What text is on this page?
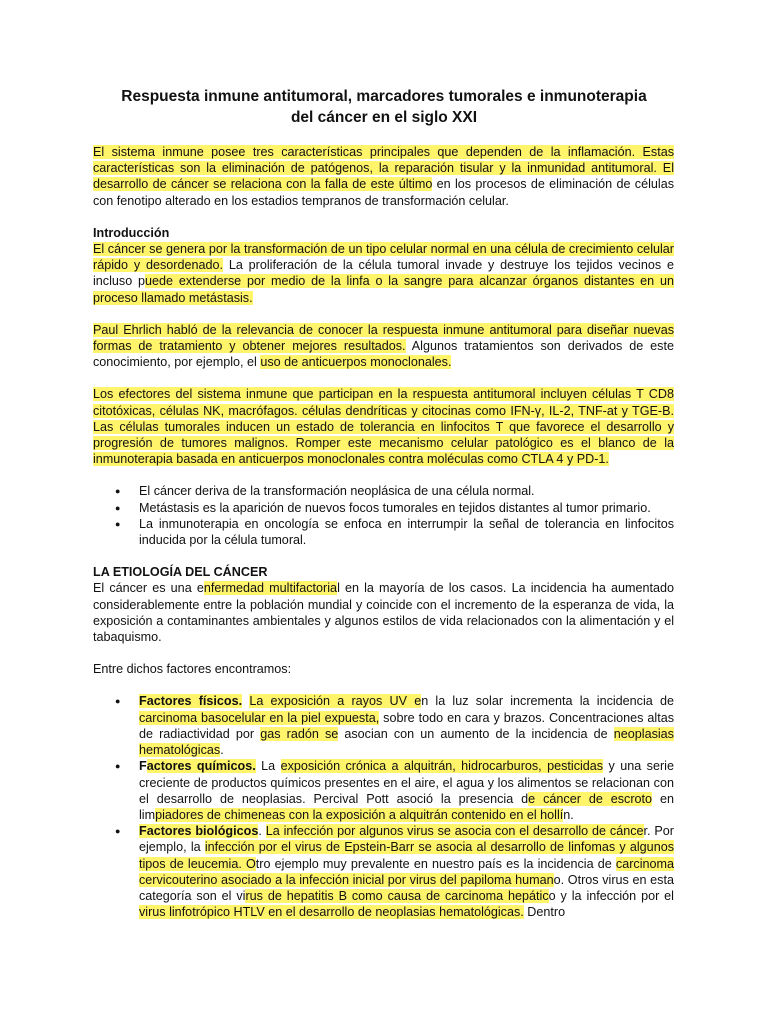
Respuesta inmune antitumoral, marcadores tumorales e inmunoterapia
del cáncer en el siglo XXI

El sistema inmune posee tres características principales que dependen de la inflamación. Estas características son la eliminación de patógenos, la reparación tisular y la inmunidad antitumoral. El desarrollo de cáncer se relaciona con la falla de este último en los procesos de eliminación de células con fenotipo alterado en los estadios tempranos de transformación celular.

Introducción

El cáncer se genera por la transformación de un tipo celular normal en una célula de crecimiento celular rápido y desordenado. La proliferación de la célula tumoral invade y destruye los tejidos vecinos e incluso puede extenderse por medio de la linfa o la sangre para alcanzar órganos distantes en un proceso llamado metástasis.

Paul Ehrlich habló de la relevancia de conocer la respuesta inmune antitumoral para diseñar nuevas formas de tratamiento y obtener mejores resultados. Algunos tratamientos son derivados de este conocimiento, por ejemplo, el uso de anticuerpos monoclonales.

Los efectores del sistema inmune que participan en la respuesta antitumoral incluyen células T CD8 citotóxicas, células NK, macrófagos. células dendríticas y citocinas como IFN-γ, IL-2, TNF-at y TGE-B. Las células tumorales inducen un estado de tolerancia en linfocitos T que favorece el desarrollo y progresión de tumores malignos. Romper este mecanismo celular patológico es el blanco de la inmunoterapia basada en anticuerpos monoclonales contra moléculas como CTLA 4 y PD-1.

● El cáncer deriva de la transformación neoplásica de una célula normal.
● Metástasis es la aparición de nuevos focos tumorales en tejidos distantes al tumor primario.
● La inmunoterapia en oncología se enfoca en interrumpir la señal de tolerancia en linfocitos inducida por la célula tumoral.
LA ETIOLOGÍA DEL CÁNCER

El cáncer es una enfermedad multifactorial en la mayoría de los casos. La incidencia ha aumentado considerablemente entre la población mundial y coincide con el incremento de la esperanza de vida, la exposición a contaminantes ambientales y algunos estilos de vida relacionados con la alimentación y el tabaquismo.

Entre dichos factores encontramos:

● Factores físicos. La exposición a rayos UV en la luz solar incrementa la incidencia de carcinoma basocelular en la piel expuesta, sobre todo en cara y brazos. Concentraciones altas de radiactividad por gas radón se asocian con un aumento de la incidencia de neoplasias hematológicas.
● Factores químicos. La exposición crónica a alquitrán, hidrocarburos, pesticidas y una serie creciente de productos químicos presentes en el aire, el agua y los alimentos se relacionan con el desarrollo de neoplasias. Percival Pott asoció la presencia de cáncer de escroto en limpiadores de chimeneas con la exposición a alquitrán contenido en el hollín.
● Factores biológicos. La infección por algunos virus se asocia con el desarrollo de cáncer. Por ejemplo, la infección por el virus de Epstein-Barr se asocia al desarrollo de linfomas y algunos tipos de leucemia. Otro ejemplo muy prevalente en nuestro país es la incidencia de carcinoma cervicouterino asociado a la infección inicial por virus del papiloma humano. Otros virus en esta categoría son el virus de hepatitis B como causa de carcinoma hepático y la infección por el virus linfotrópico HTLV en el desarrollo de neoplasias hematológicas. Dentro
